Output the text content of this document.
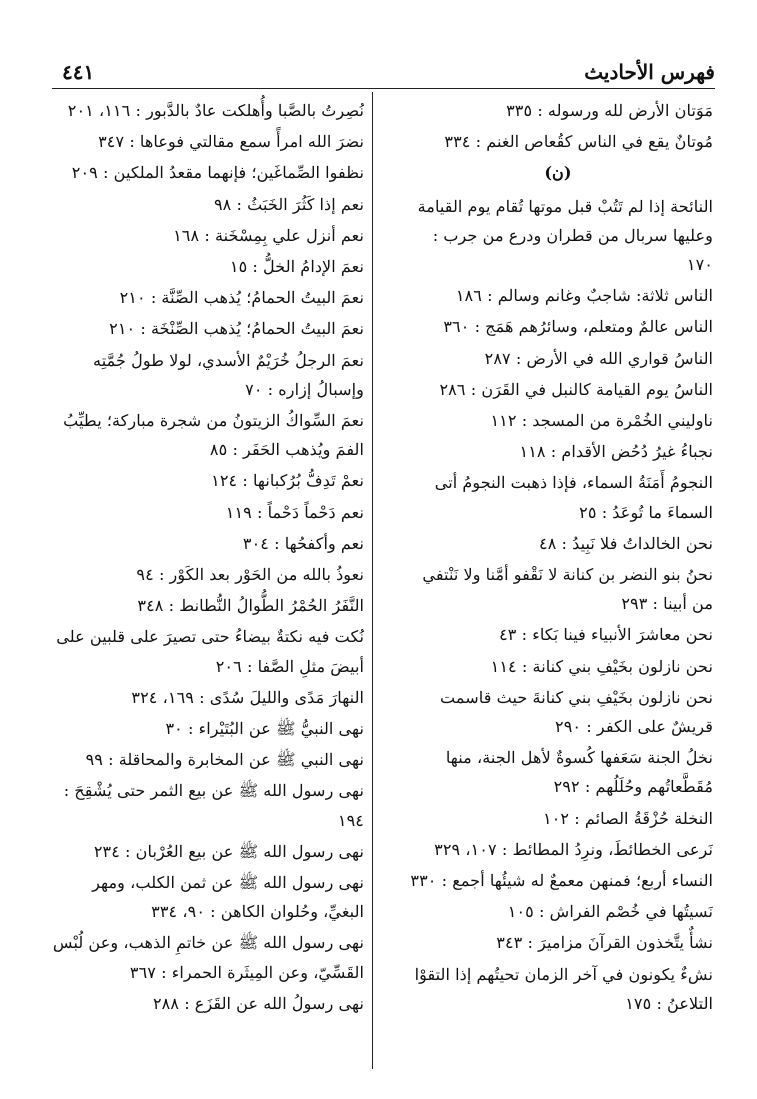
فهرس الأحاديث
٤٤١
مَوَتان الأرض لله ورسوله : ٣٣٥
مُوتانٌ يقع في الناس كقُعاص الغنم : ٣٣٤
(ن)
النائحة إذا لم تَتُبْ قبل موتها تُقام يوم القيامة وعليها سربال من قطران ودرع من جرب : ١٧٠
الناس ثلاثة: شاجبٌ وغانم وسالم : ١٨٦
الناس عالمٌ ومتعلم، وسائرُهم هَمَج : ٣٦٠
الناسُ قواري الله في الأرض : ٢٨٧
الناسُ يوم القيامة كالنبل في القَرَن : ٢٨٦
ناوليني الخُمْرة من المسجد : ١١٢
نجباءُ غيرُ دُحُض الأقدام : ١١٨
النجومُ أَمَنَةُ السماء، فإذا ذهبت النجومُ أتى السماءَ ما تُوعَدُ : ٢٥
نحن الخالداتُ فلا نَبِيدُ : ٤٨
نحنُ بنو النضر بن كنانة لا نَقْفو أمَّنا ولا نَنْتفي من أبينا : ٢٩٣
نحن معاشرَ الأنبياء فينا بَكاء : ٤٣
نحن نازلون بخَيْفِ بني كنانة : ١١٤
نحن نازلون بخَيْفِ بني كنانةَ حيث قاسمت قريشٌ على الكفر : ٢٩٠
نخلُ الجنة سَعَفها كُسوةٌ لأهل الجنة، منها مُقَطَّعاتُهم وحُلَلُهم : ٢٩٢
النخلة حُزْقَةُ الصائم : ١٠٢
نَرعى الخطائطَ، ونرِدُ المطائط : ١٠٧، ٣٢٩
النساء أربع؛ فمنهن معمعٌ له شيئُها أجمع : ٣٣٠
نَسيتُها في خُصْم الفراش : ١٠٥
نشأٌ يتَّخذون القرآنَ مزاميرَ : ٣٤٣
نشءٌ يكونون في آخر الزمان تحيتُهم إذا التقوْا التلاعنُ : ١٧٥
نُصِرتُ بالصَّبا وأُهلكت عادٌ بالدَّبور : ١١٦، ٢٠١
نضرَ الله امرأً سمع مقالتي فوعاها : ٣٤٧
نظفوا الصِّماغَين؛ فإنهما مقعدُ الملكين : ٢٠٩
نعم إذا كَثُرَ الخَبَثُ : ٩٨
نعم أنزل علي بِمِسْخَنة : ١٦٨
نعمَ الإدامُ الخلُّ : ١٥
نعمَ البيتُ الحمامُ؛ يُذهب الصِّنَّة : ٢١٠
نعمَ البيتُ الحمامُ؛ يُذهب الصِّنْخَة : ٢١٠
نعمَ الرجلُ خُرَيْمٌ الأسدي، لولا طولُ جُمَّتِه وإسبالُ إزاره : ٧٠
نعمَ السِّواكُ الزيتونُ من شجرة مباركة؛ يطيِّبُ الفمَ ويُذهب الحَفَر : ٨٥
نعمْ تَدِفُّ بُرُكبانها : ١٢٤
نعم دَحْماً دَحْماً : ١١٩
نعم وأكفحُها : ٣٠٤
نعوذُ بالله من الحَوْر بعد الكَوْر : ٩٤
النَّفَرُ الحُمْرُ الطُّوالُ النُّطانط : ٣٤٨
نُكت فيه نكتةٌ بيضاءُ حتى تصيرَ على قلبين على أبيضَ مثلِ الصَّفا : ٢٠٦
النهارَ مَدًى والليلَ سُدًى : ١٦٩، ٣٢٤
نهى النبيُّ ﷺ عن البُتَيْراء : ٣٠
نهى النبي ﷺ عن المخابرة والمحاقلة : ٩٩
نهى رسول الله ﷺ عن بيع الثمر حتى يُشْقِحَ : ١٩٤
نهى رسول الله ﷺ عن بيع العُرْبان : ٢٣٤
نهى رسول الله ﷺ عن ثمن الكلب، ومهر البغيِّ، وحُلوان الكاهن : ٩٠، ٣٣٤
نهى رسول الله ﷺ عن خاتمِ الذهب، وعن لُبْس القَسِّيّ، وعن المِيثَرة الحمراء : ٣٦٧
نهى رسولُ الله عن القَزَع : ٢٨٨
